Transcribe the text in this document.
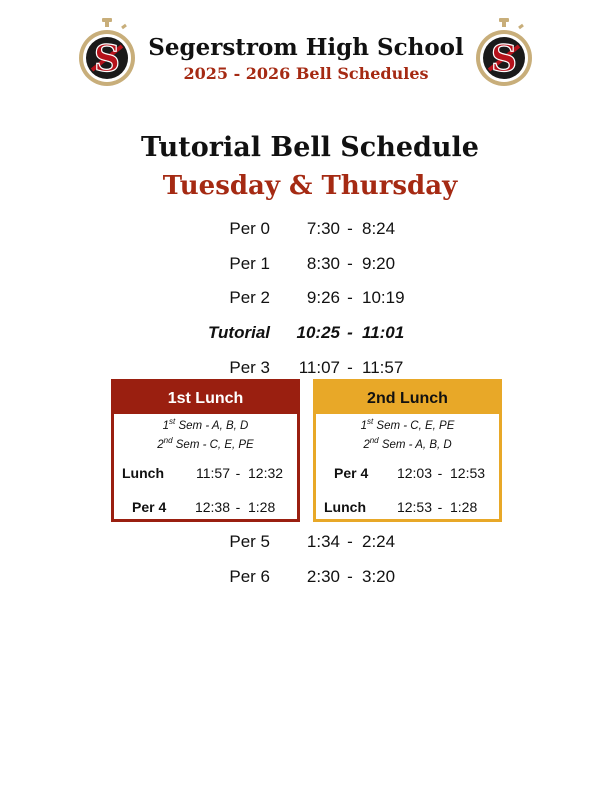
S	S
Segerstrom High School
2025 - 2026 Bell Schedules
Tutorial Bell Schedule
Tuesday & Thursday
Per 0	7:30 - 8:24
Per 1	8:30 - 9:20
Per 2	9:26 - 10:19
Tutorial	10:25 - 11:01
Per 3	11:07 - 11:57
1st Lunch
1st Sem - A, B, D
2nd Sem - C, E, PE
Lunch	11:57 - 12:32
Per 4	12:38 - 1:28
2nd Lunch
1st Sem - C, E, PE
2nd Sem - A, B, D
Per 4	12:03 - 12:53
Lunch	12:53 - 1:28
Per 5	1:34 - 2:24
Per 6	2:30 - 3:20
